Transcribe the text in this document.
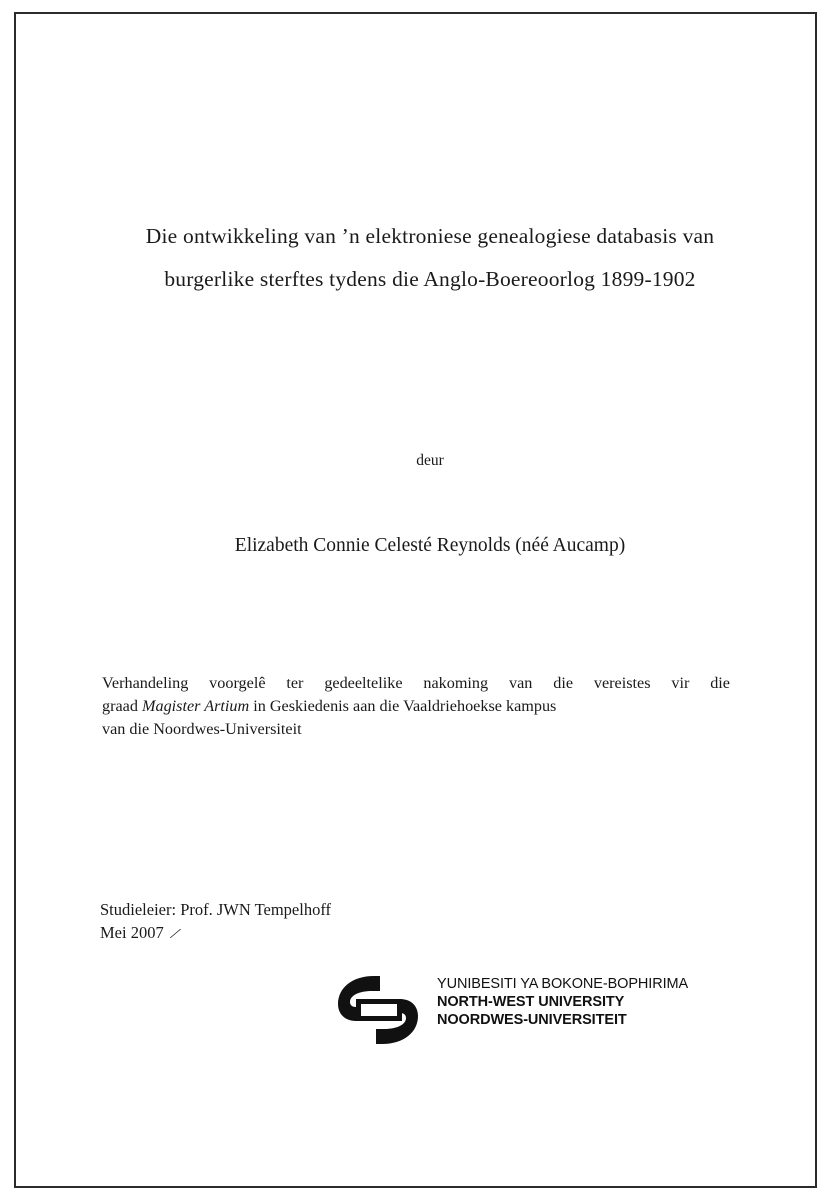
Die ontwikkeling van ’n elektroniese genealogiese databasis van
burgerlike sterftes tydens die Anglo-Boereoorlog 1899-1902
deur
Elizabeth Connie Celesté Reynolds (néé Aucamp)
Verhandeling voorgelê ter gedeeltelike nakoming van die vereistes vir die
graad Magister Artium in Geskiedenis aan die Vaaldriehoekse kampus
van die Noordwes-Universiteit
Studieleier: Prof. JWN Tempelhoff
Mei 2007 ⁄
YUNIBESITI YA BOKONE-BOPHIRIMA
NORTH-WEST UNIVERSITY
NOORDWES-UNIVERSITEIT
